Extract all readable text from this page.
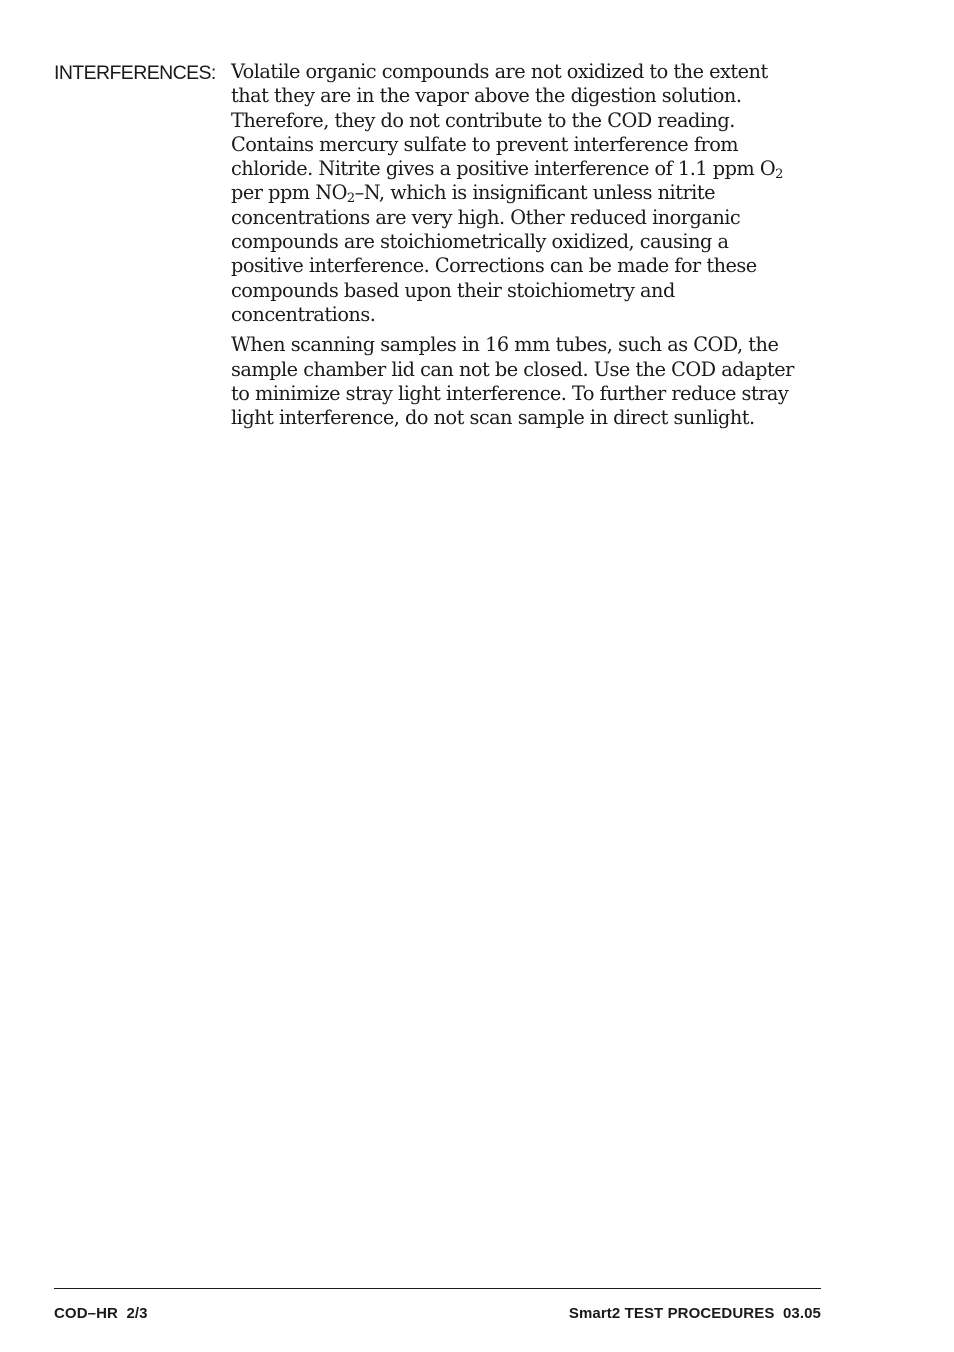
INTERFERENCES: Volatile organic compounds are not oxidized to the extent
that they are in the vapor above the digestion solution.
Therefore, they do not contribute to the COD reading.
Contains mercury sulfate to prevent interference from
chloride. Nitrite gives a positive interference of 1.1 ppm $O_2$
per ppm $NO_2-N$, which is insignificant unless nitrite
concentrations are very high. Other reduced inorganic
compounds are stoichiometrically oxidized, causing a
positive interference. Corrections can be made for these
compounds based upon their stoichiometry and
concentrations.

When scanning samples in 16 mm tubes, such as COD, the
sample chamber lid can not be closed. Use the COD adapter
to minimize stray light interference. To further reduce stray
light interference, do not scan sample in direct sunlight.

COD–HR  2/3	Smart2 TEST PROCEDURES  03.05
